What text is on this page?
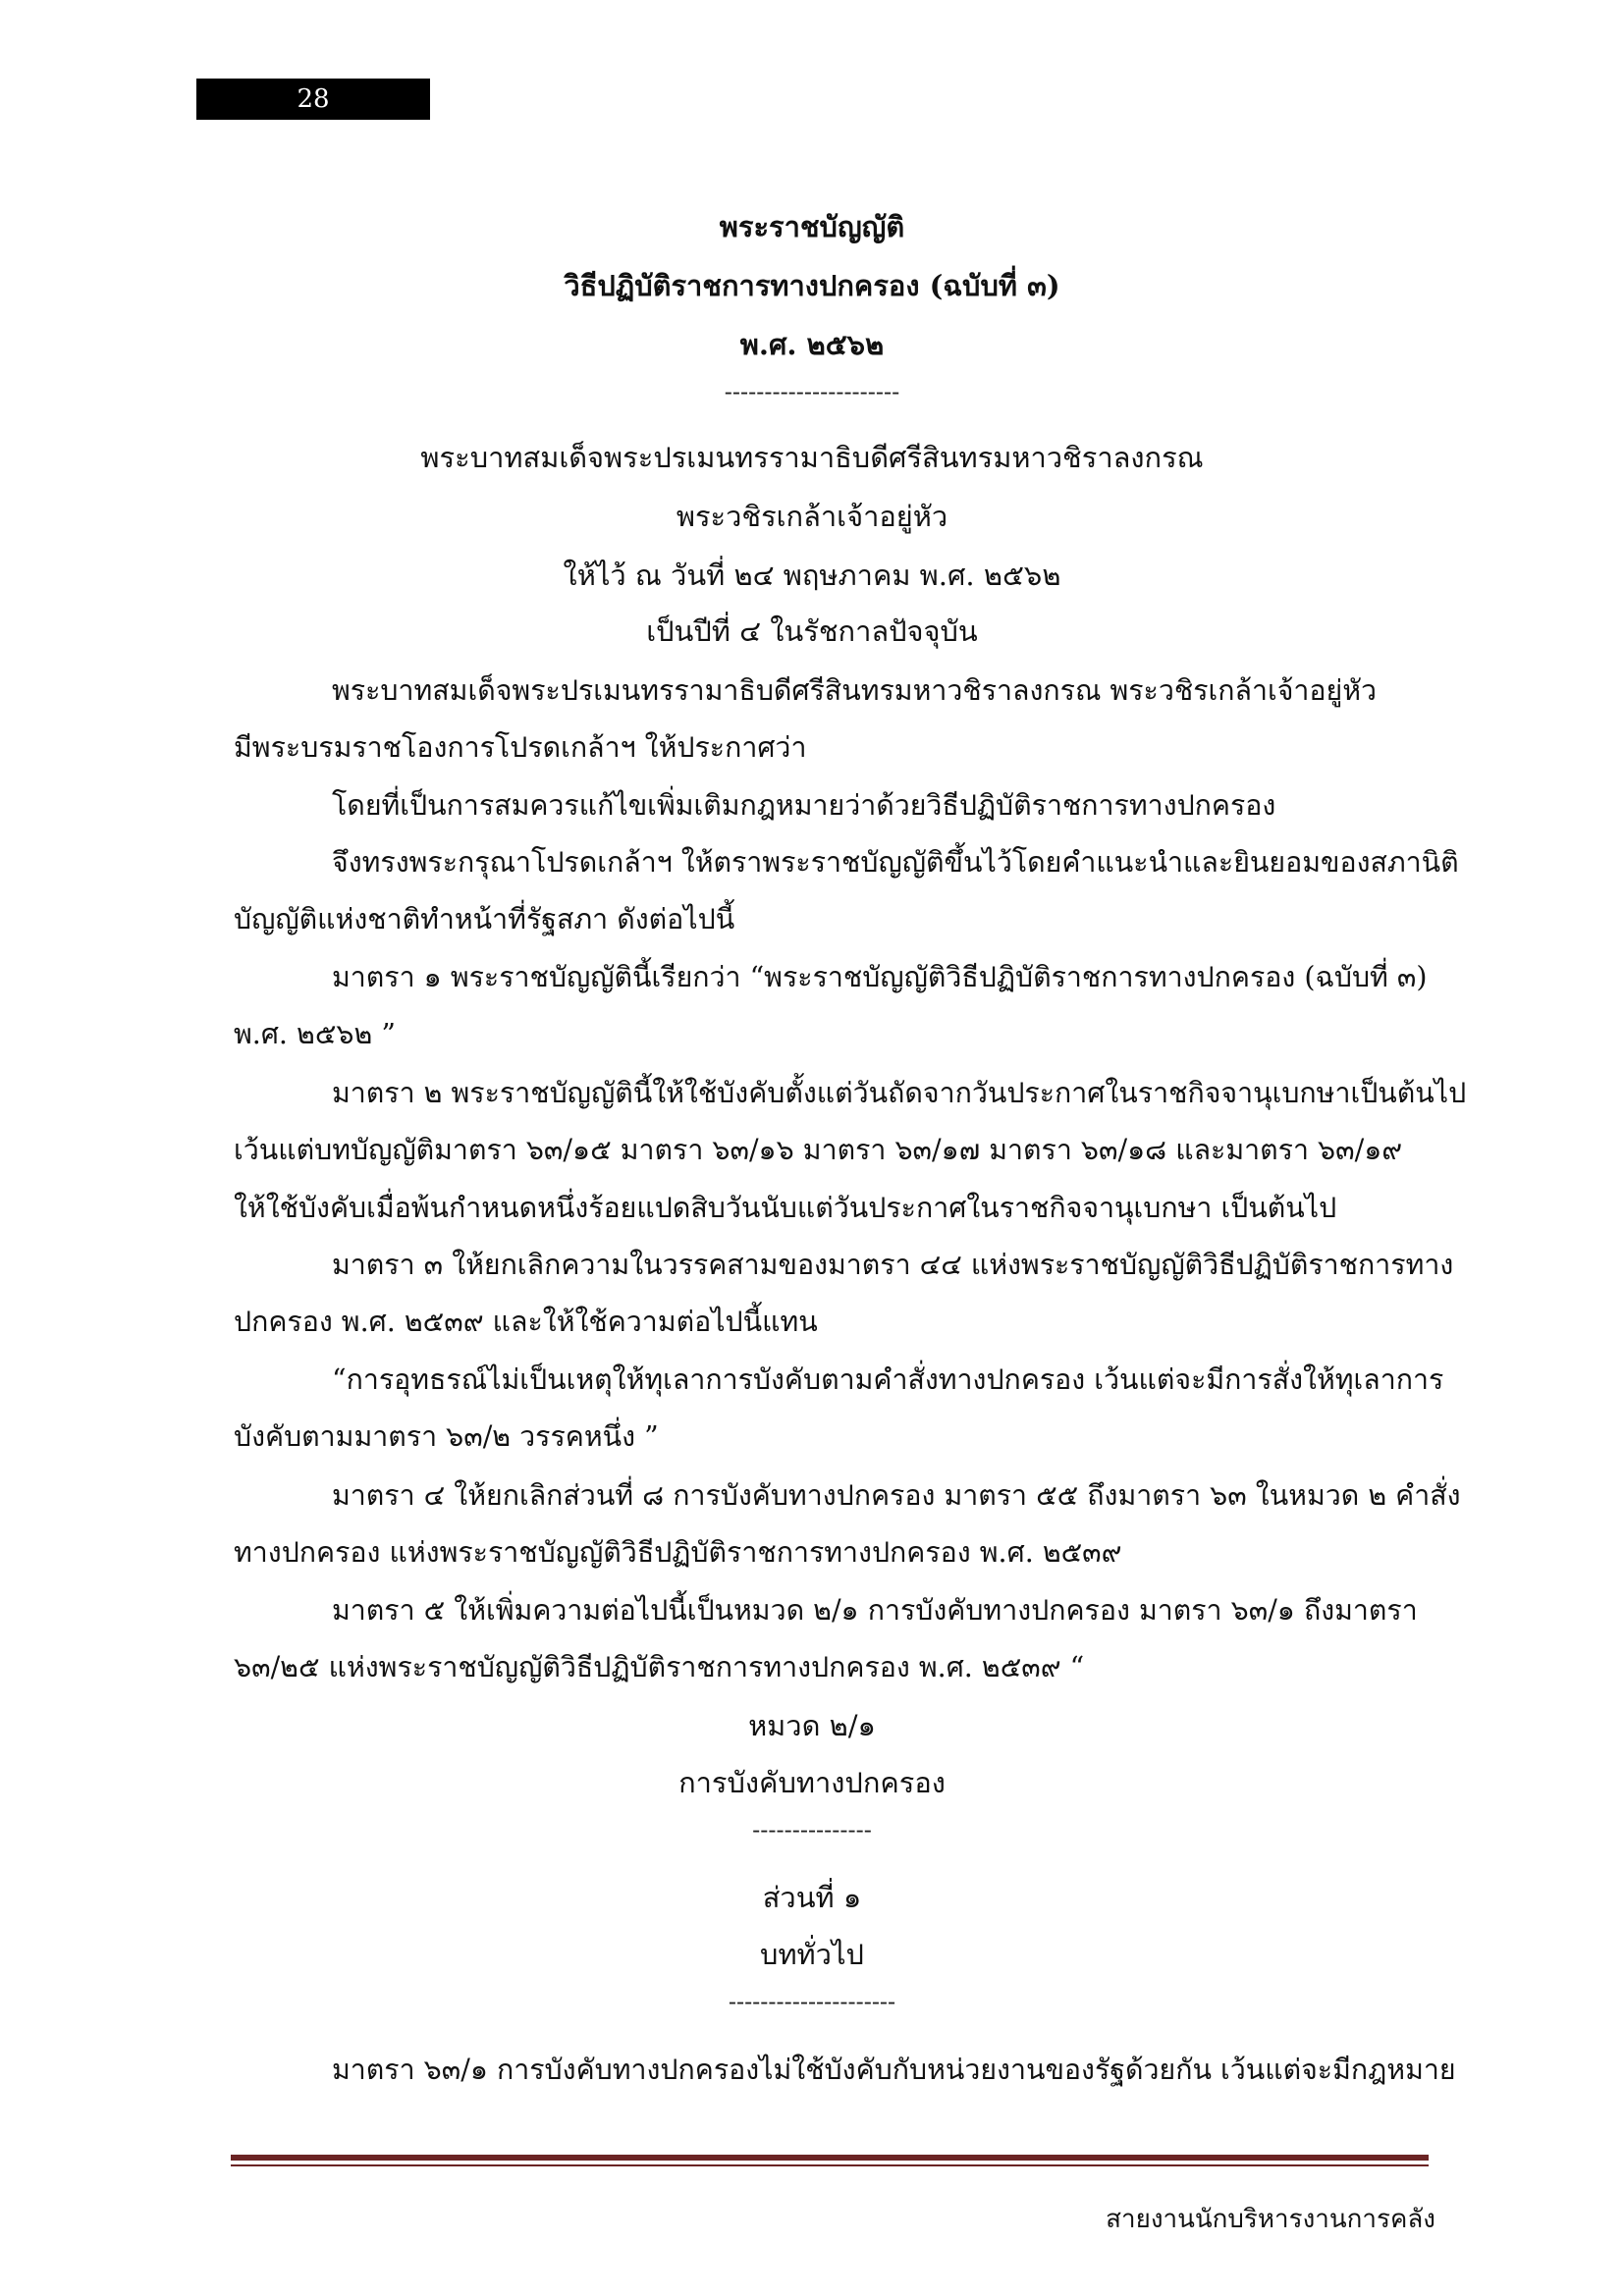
28
พระราชบัญญัติ
วิธีปฏิบัติราชการทางปกครอง (ฉบับที่ ๓)
พ.ศ. ๒๕๖๒
----------------------
พระบาทสมเด็จพระปรเมนทรรามาธิบดีศรีสินทรมหาวชิราลงกรณ
พระวชิรเกล้าเจ้าอยู่หัว
ให้ไว้ ณ วันที่ ๒๔ พฤษภาคม พ.ศ. ๒๕๖๒
เป็นปีที่ ๔ ในรัชกาลปัจจุบัน
พระบาทสมเด็จพระปรเมนทรรามาธิบดีศรีสินทรมหาวชิราลงกรณ พระวชิรเกล้าเจ้าอยู่หัว
มีพระบรมราชโองการโปรดเกล้าฯ ให้ประกาศว่า
โดยที่เป็นการสมควรแก้ไขเพิ่มเติมกฎหมายว่าด้วยวิธีปฏิบัติราชการทางปกครอง
จึงทรงพระกรุณาโปรดเกล้าฯ ให้ตราพระราชบัญญัติขึ้นไว้โดยคำแนะนำและยินยอมของสภานิติ
บัญญัติแห่งชาติทำหน้าที่รัฐสภา ดังต่อไปนี้
มาตรา ๑ พระราชบัญญัตินี้เรียกว่า “พระราชบัญญัติวิธีปฏิบัติราชการทางปกครอง (ฉบับที่ ๓)
พ.ศ. ๒๕๖๒ ”
มาตรา ๒ พระราชบัญญัตินี้ให้ใช้บังคับตั้งแต่วันถัดจากวันประกาศในราชกิจจานุเบกษาเป็นต้นไป
เว้นแต่บทบัญญัติมาตรา ๖๓/๑๕ มาตรา ๖๓/๑๖ มาตรา ๖๓/๑๗ มาตรา ๖๓/๑๘ และมาตรา ๖๓/๑๙
ให้ใช้บังคับเมื่อพ้นกำหนดหนึ่งร้อยแปดสิบวันนับแต่วันประกาศในราชกิจจานุเบกษา เป็นต้นไป
มาตรา ๓ ให้ยกเลิกความในวรรคสามของมาตรา ๔๔ แห่งพระราชบัญญัติวิธีปฏิบัติราชการทาง
ปกครอง พ.ศ. ๒๕๓๙ และให้ใช้ความต่อไปนี้แทน
“การอุทธรณ์ไม่เป็นเหตุให้ทุเลาการบังคับตามคำสั่งทางปกครอง เว้นแต่จะมีการสั่งให้ทุเลาการ
บังคับตามมาตรา ๖๓/๒ วรรคหนึ่ง ”
มาตรา ๔ ให้ยกเลิกส่วนที่ ๘ การบังคับทางปกครอง มาตรา ๕๕ ถึงมาตรา ๖๓ ในหมวด ๒ คำสั่ง
ทางปกครอง แห่งพระราชบัญญัติวิธีปฏิบัติราชการทางปกครอง พ.ศ. ๒๕๓๙
มาตรา ๕ ให้เพิ่มความต่อไปนี้เป็นหมวด ๒/๑ การบังคับทางปกครอง มาตรา ๖๓/๑ ถึงมาตรา
๖๓/๒๕ แห่งพระราชบัญญัติวิธีปฏิบัติราชการทางปกครอง พ.ศ. ๒๕๓๙ “
หมวด ๒/๑
การบังคับทางปกครอง
---------------
ส่วนที่ ๑
บททั่วไป
---------------------
มาตรา ๖๓/๑ การบังคับทางปกครองไม่ใช้บังคับกับหน่วยงานของรัฐด้วยกัน เว้นแต่จะมีกฎหมาย
สายงานนักบริหารงานการคลัง
